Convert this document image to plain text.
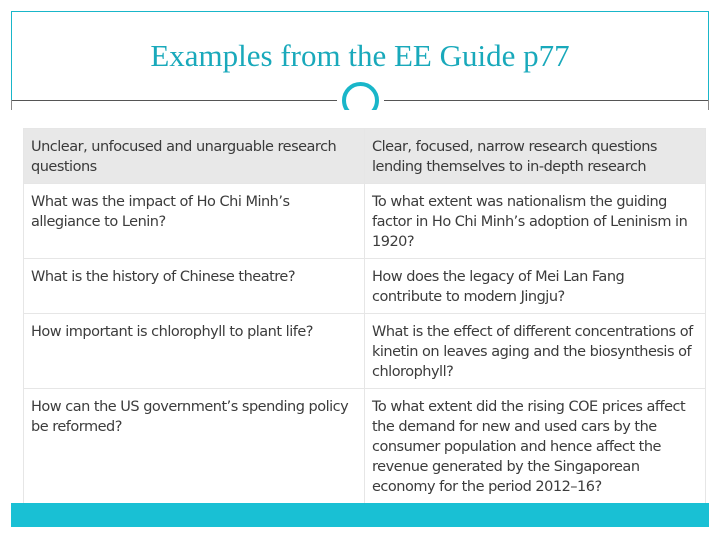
Examples from the EE Guide p77
Unclear, unfocused and unarguable research questions	Clear, focused, narrow research questions lending themselves to in-depth research
What was the impact of Ho Chi Minh’s allegiance to Lenin?	To what extent was nationalism the guiding factor in Ho Chi Minh’s adoption of Leninism in 1920?
What is the history of Chinese theatre?	How does the legacy of Mei Lan Fang contribute to modern Jingju?
How important is chlorophyll to plant life?	What is the effect of different concentrations of kinetin on leaves aging and the biosynthesis of chlorophyll?
How can the US government’s spending policy be reformed?	To what extent did the rising COE prices affect the demand for new and used cars by the consumer population and hence affect the revenue generated by the Singaporean economy for the period 2012–16?
